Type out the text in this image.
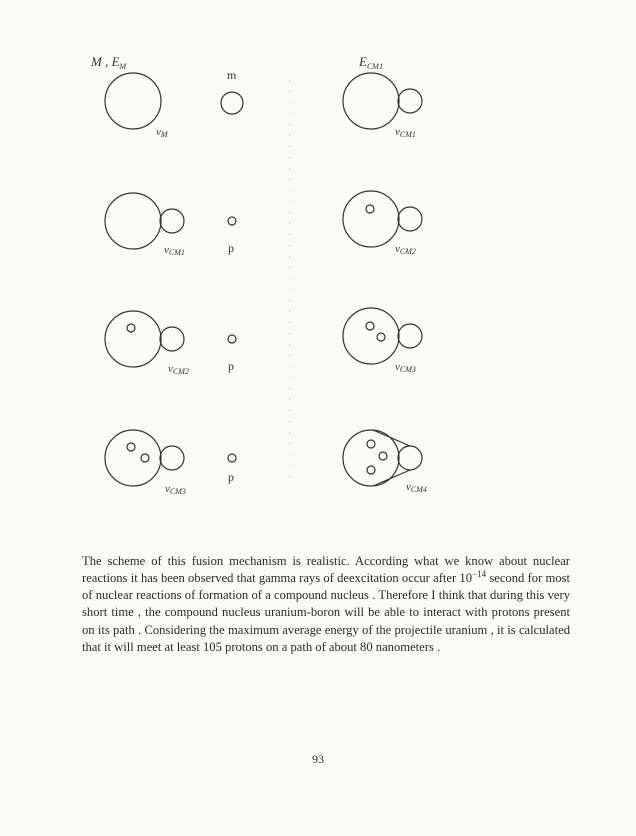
M , $E_M$
m
$E_{CM1}$
vM	vCM1
vCM1	p	vCM2
vCM2	p	vCM3
vCM3
p
vCM4

The scheme of this fusion mechanism is realistic. According what we know about nuclear reactions it has been observed that gamma rays of deexcitation occur after $10^{-14}$ second for most of nuclear reactions of formation of a compound nucleus . Therefore I think that during this very short time , the compound nucleus uranium-boron will be able to interact with protons present on its path . Considering the maximum average energy of the projectile uranium , it is calculated that it will meet at least 105 protons on a path of about 80 nanometers .

93
